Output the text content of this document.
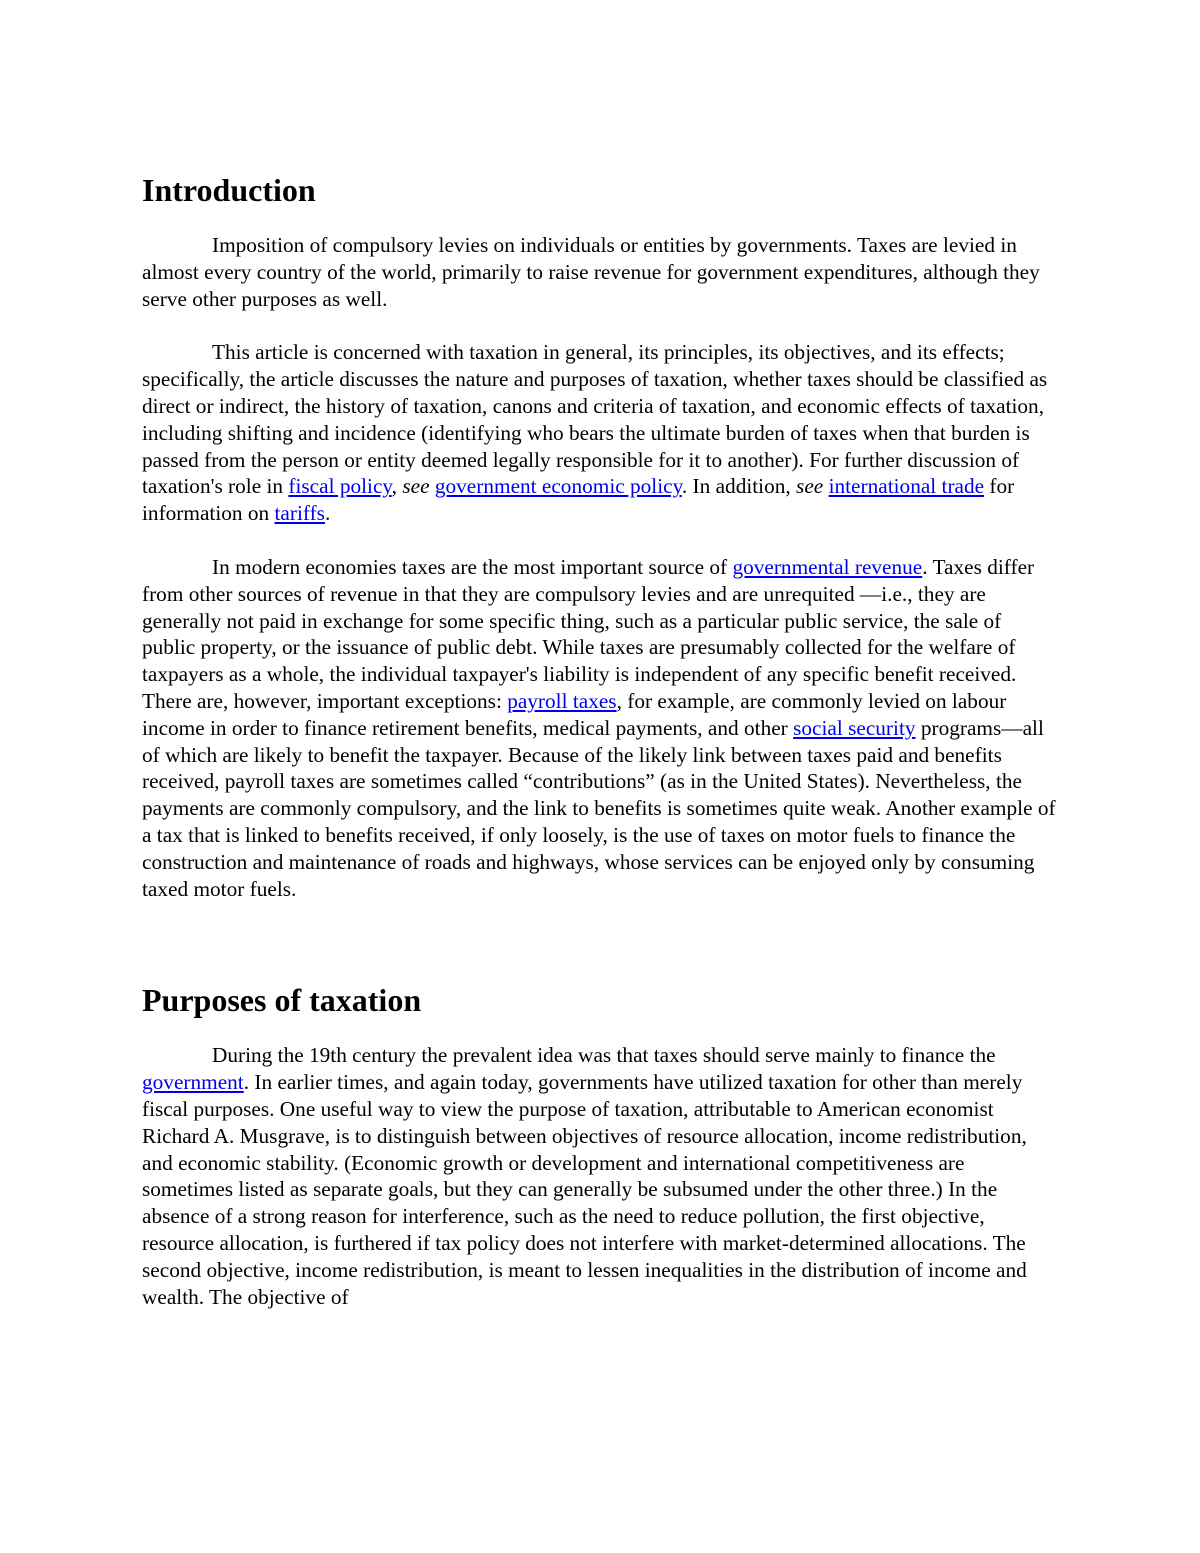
Introduction

Imposition of compulsory levies on individuals or entities by governments. Taxes are levied in almost every country of the world, primarily to raise revenue for government expenditures, although they serve other purposes as well.

This article is concerned with taxation in general, its principles, its objectives, and its effects; specifically, the article discusses the nature and purposes of taxation, whether taxes should be classified as direct or indirect, the history of taxation, canons and criteria of taxation, and economic effects of taxation, including shifting and incidence (identifying who bears the ultimate burden of taxes when that burden is passed from the person or entity deemed legally responsible for it to another). For further discussion of taxation's role in fiscal policy, see government economic policy. In addition, see international trade for information on tariffs.

In modern economies taxes are the most important source of governmental revenue. Taxes differ from other sources of revenue in that they are compulsory levies and are unrequited —i.e., they are generally not paid in exchange for some specific thing, such as a particular public service, the sale of public property, or the issuance of public debt. While taxes are presumably collected for the welfare of taxpayers as a whole, the individual taxpayer's liability is independent of any specific benefit received. There are, however, important exceptions: payroll taxes, for example, are commonly levied on labour income in order to finance retirement benefits, medical payments, and other social security programs—all of which are likely to benefit the taxpayer. Because of the likely link between taxes paid and benefits received, payroll taxes are sometimes called “contributions” (as in the United States). Nevertheless, the payments are commonly compulsory, and the link to benefits is sometimes quite weak. Another example of a tax that is linked to benefits received, if only loosely, is the use of taxes on motor fuels to finance the construction and maintenance of roads and highways, whose services can be enjoyed only by consuming taxed motor fuels.

Purposes of taxation

During the 19th century the prevalent idea was that taxes should serve mainly to finance the government. In earlier times, and again today, governments have utilized taxation for other than merely fiscal purposes. One useful way to view the purpose of taxation, attributable to American economist Richard A. Musgrave, is to distinguish between objectives of resource allocation, income redistribution, and economic stability. (Economic growth or development and international competitiveness are sometimes listed as separate goals, but they can generally be subsumed under the other three.) In the absence of a strong reason for interference, such as the need to reduce pollution, the first objective, resource allocation, is furthered if tax policy does not interfere with market-determined allocations. The second objective, income redistribution, is meant to lessen inequalities in the distribution of income and wealth. The objective of
